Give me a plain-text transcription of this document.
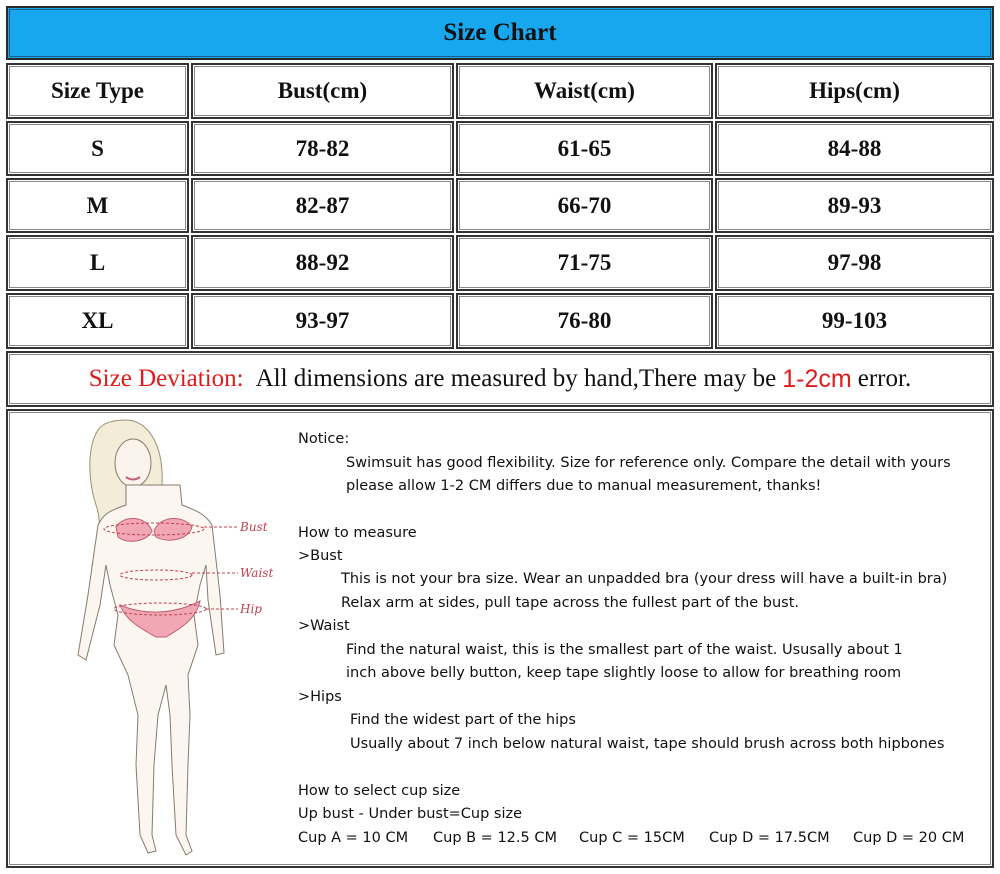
Size Chart
Size Type	Bust(cm)	Waist(cm)	Hips(cm)
S	78-82	61-65	84-88
M	82-87	66-70	89-93
L	88-92	71-75	97-98
XL	93-97	76-80	99-103
Size Deviation: All dimensions are measured by hand,There may be 1-2cm error.
Bust
Waist
Hip
Notice:
Swimsuit has good flexibility. Size for reference only. Compare the detail with yours
please allow 1-2 CM differs due to manual measurement, thanks!
How to measure
>Bust
This is not your bra size. Wear an unpadded bra (your dress will have a built-in bra)
Relax arm at sides, pull tape across the fullest part of the bust.
>Waist
Find the natural waist, this is the smallest part of the waist. Ususally about 1
inch above belly button, keep tape slightly loose to allow for breathing room
>Hips
Find the widest part of the hips
Usually about 7 inch below natural waist, tape should brush across both hipbones
How to select cup size
Up bust - Under bust=Cup size
Cup A = 10 CM Cup B = 12.5 CM Cup C = 15CM Cup D = 17.5CM Cup D = 20 CM
